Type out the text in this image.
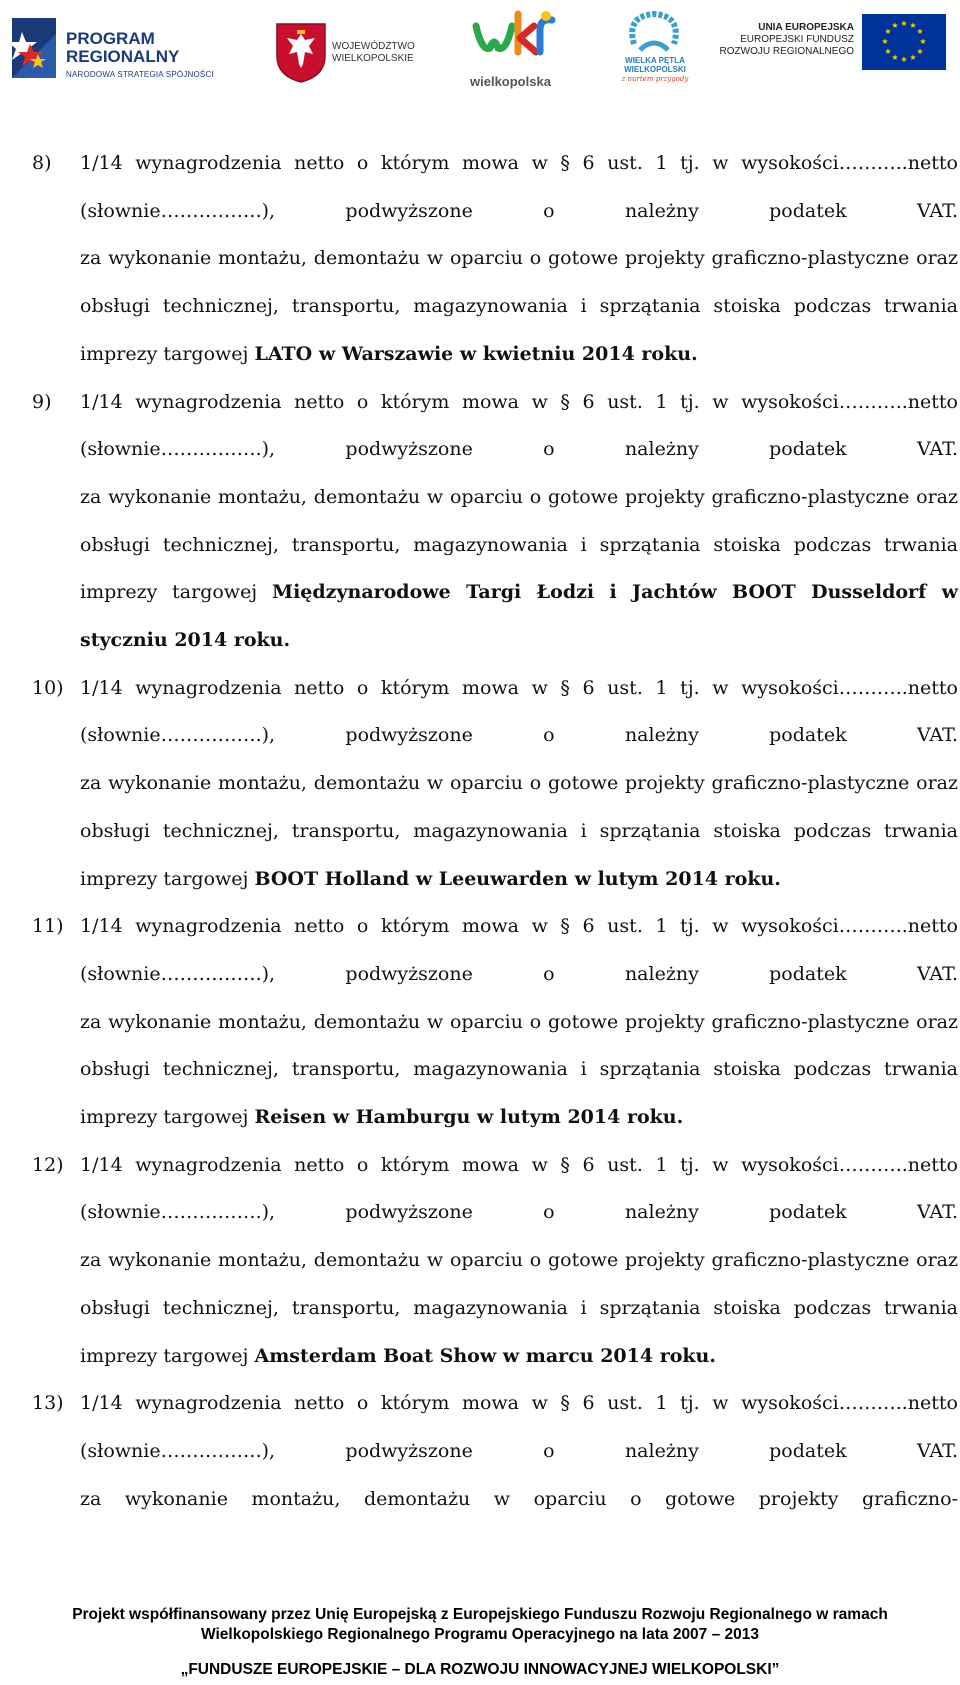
PROGRAM
REGIONALNY
NARODOWA STRATEGIA SPÓJNOŚCI
WOJEWÓDZTWO
WIELKOPOLSKIE
wielkopolska
WIELKA PĘTLA
WIELKOPOLSKI
z nurtem przygody
UNIA EUROPEJSKA
EUROPEJSKI FUNDUSZ
ROZWOJU REGIONALNEGO
★ ★
★
★
★
★
★
★
★
★
★
★
8) 1/14 wynagrodzenia netto o którym mowa w § 6 ust. 1 tj. w wysokości………..netto

(słownie…………….), podwyższone o należny podatek VAT.

za wykonanie montażu, demontażu w oparciu o gotowe projekty graficzno-plastyczne oraz obsługi technicznej, transportu, magazynowania i sprzątania stoiska podczas trwania imprezy targowej LATO w Warszawie w kwietniu 2014 roku.

9) 1/14 wynagrodzenia netto o którym mowa w § 6 ust. 1 tj. w wysokości………..netto

(słownie…………….), podwyższone o należny podatek VAT.

za wykonanie montażu, demontażu w oparciu o gotowe projekty graficzno-plastyczne oraz obsługi technicznej, transportu, magazynowania i sprzątania stoiska podczas trwania imprezy targowej Międzynarodowe Targi Łodzi i Jachtów BOOT Dusseldorf w styczniu 2014 roku.

10) 1/14 wynagrodzenia netto o którym mowa w § 6 ust. 1 tj. w wysokości………..netto

(słownie…………….), podwyższone o należny podatek VAT.

za wykonanie montażu, demontażu w oparciu o gotowe projekty graficzno-plastyczne oraz obsługi technicznej, transportu, magazynowania i sprzątania stoiska podczas trwania imprezy targowej BOOT Holland w Leeuwarden w lutym 2014 roku.

11) 1/14 wynagrodzenia netto o którym mowa w § 6 ust. 1 tj. w wysokości………..netto

(słownie…………….), podwyższone o należny podatek VAT.

za wykonanie montażu, demontażu w oparciu o gotowe projekty graficzno-plastyczne oraz obsługi technicznej, transportu, magazynowania i sprzątania stoiska podczas trwania imprezy targowej Reisen w Hamburgu w lutym 2014 roku.

12) 1/14 wynagrodzenia netto o którym mowa w § 6 ust. 1 tj. w wysokości………..netto

(słownie…………….), podwyższone o należny podatek VAT.

za wykonanie montażu, demontażu w oparciu o gotowe projekty graficzno-plastyczne oraz obsługi technicznej, transportu, magazynowania i sprzątania stoiska podczas trwania imprezy targowej Amsterdam Boat Show w marcu 2014 roku.

13) 1/14 wynagrodzenia netto o którym mowa w § 6 ust. 1 tj. w wysokości………..netto

(słownie…………….), podwyższone o należny podatek VAT.

za wykonanie montażu, demontażu w oparciu o gotowe projekty graficzno-

Projekt współfinansowany przez Unię Europejską z Europejskiego Funduszu Rozwoju Regionalnego w ramach
Wielkopolskiego Regionalnego Programu Operacyjnego na lata 2007 – 2013
„FUNDUSZE EUROPEJSKIE – DLA ROZWOJU INNOWACYJNEJ WIELKOPOLSKI”
